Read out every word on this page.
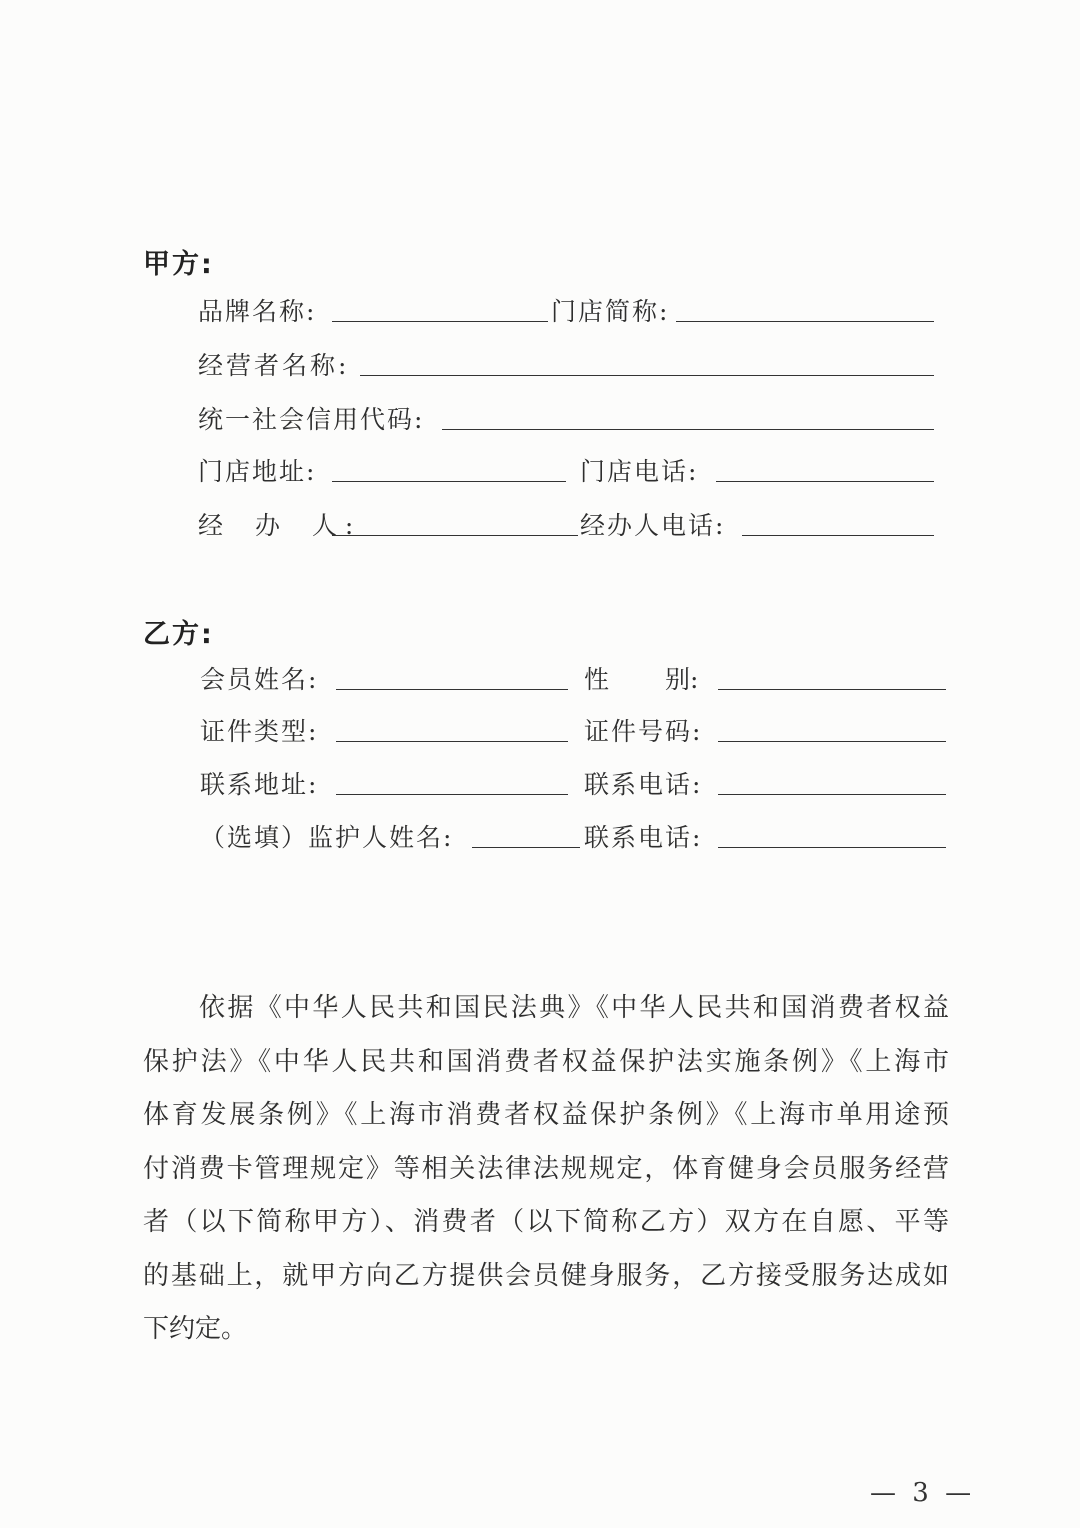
甲方:
品牌名称:	门店简称:
经营者名称:
统一社会信用代码:
门店地址:	门店电话:
经 办 人:	经办人电话:
乙方:
会员姓名:	性 别:
证件类型:	证件号码:
联系地址:	联系电话:
（选填）监护人姓名:	联系电话:
依据《中华人民共和国民法典》《中华人民共和国消费者权益
保护法》《中华人民共和国消费者权益保护法实施条例》《上海市
体育发展条例》《上海市消费者权益保护条例》《上海市单用途预
付消费卡管理规定》等相关法律法规规定，体育健身会员服务经营
者（以下简称甲方）、消费者（以下简称乙方）双方在自愿、平等
的基础上，就甲方向乙方提供会员健身服务，乙方接受服务达成如
下约定。
— 3 —
